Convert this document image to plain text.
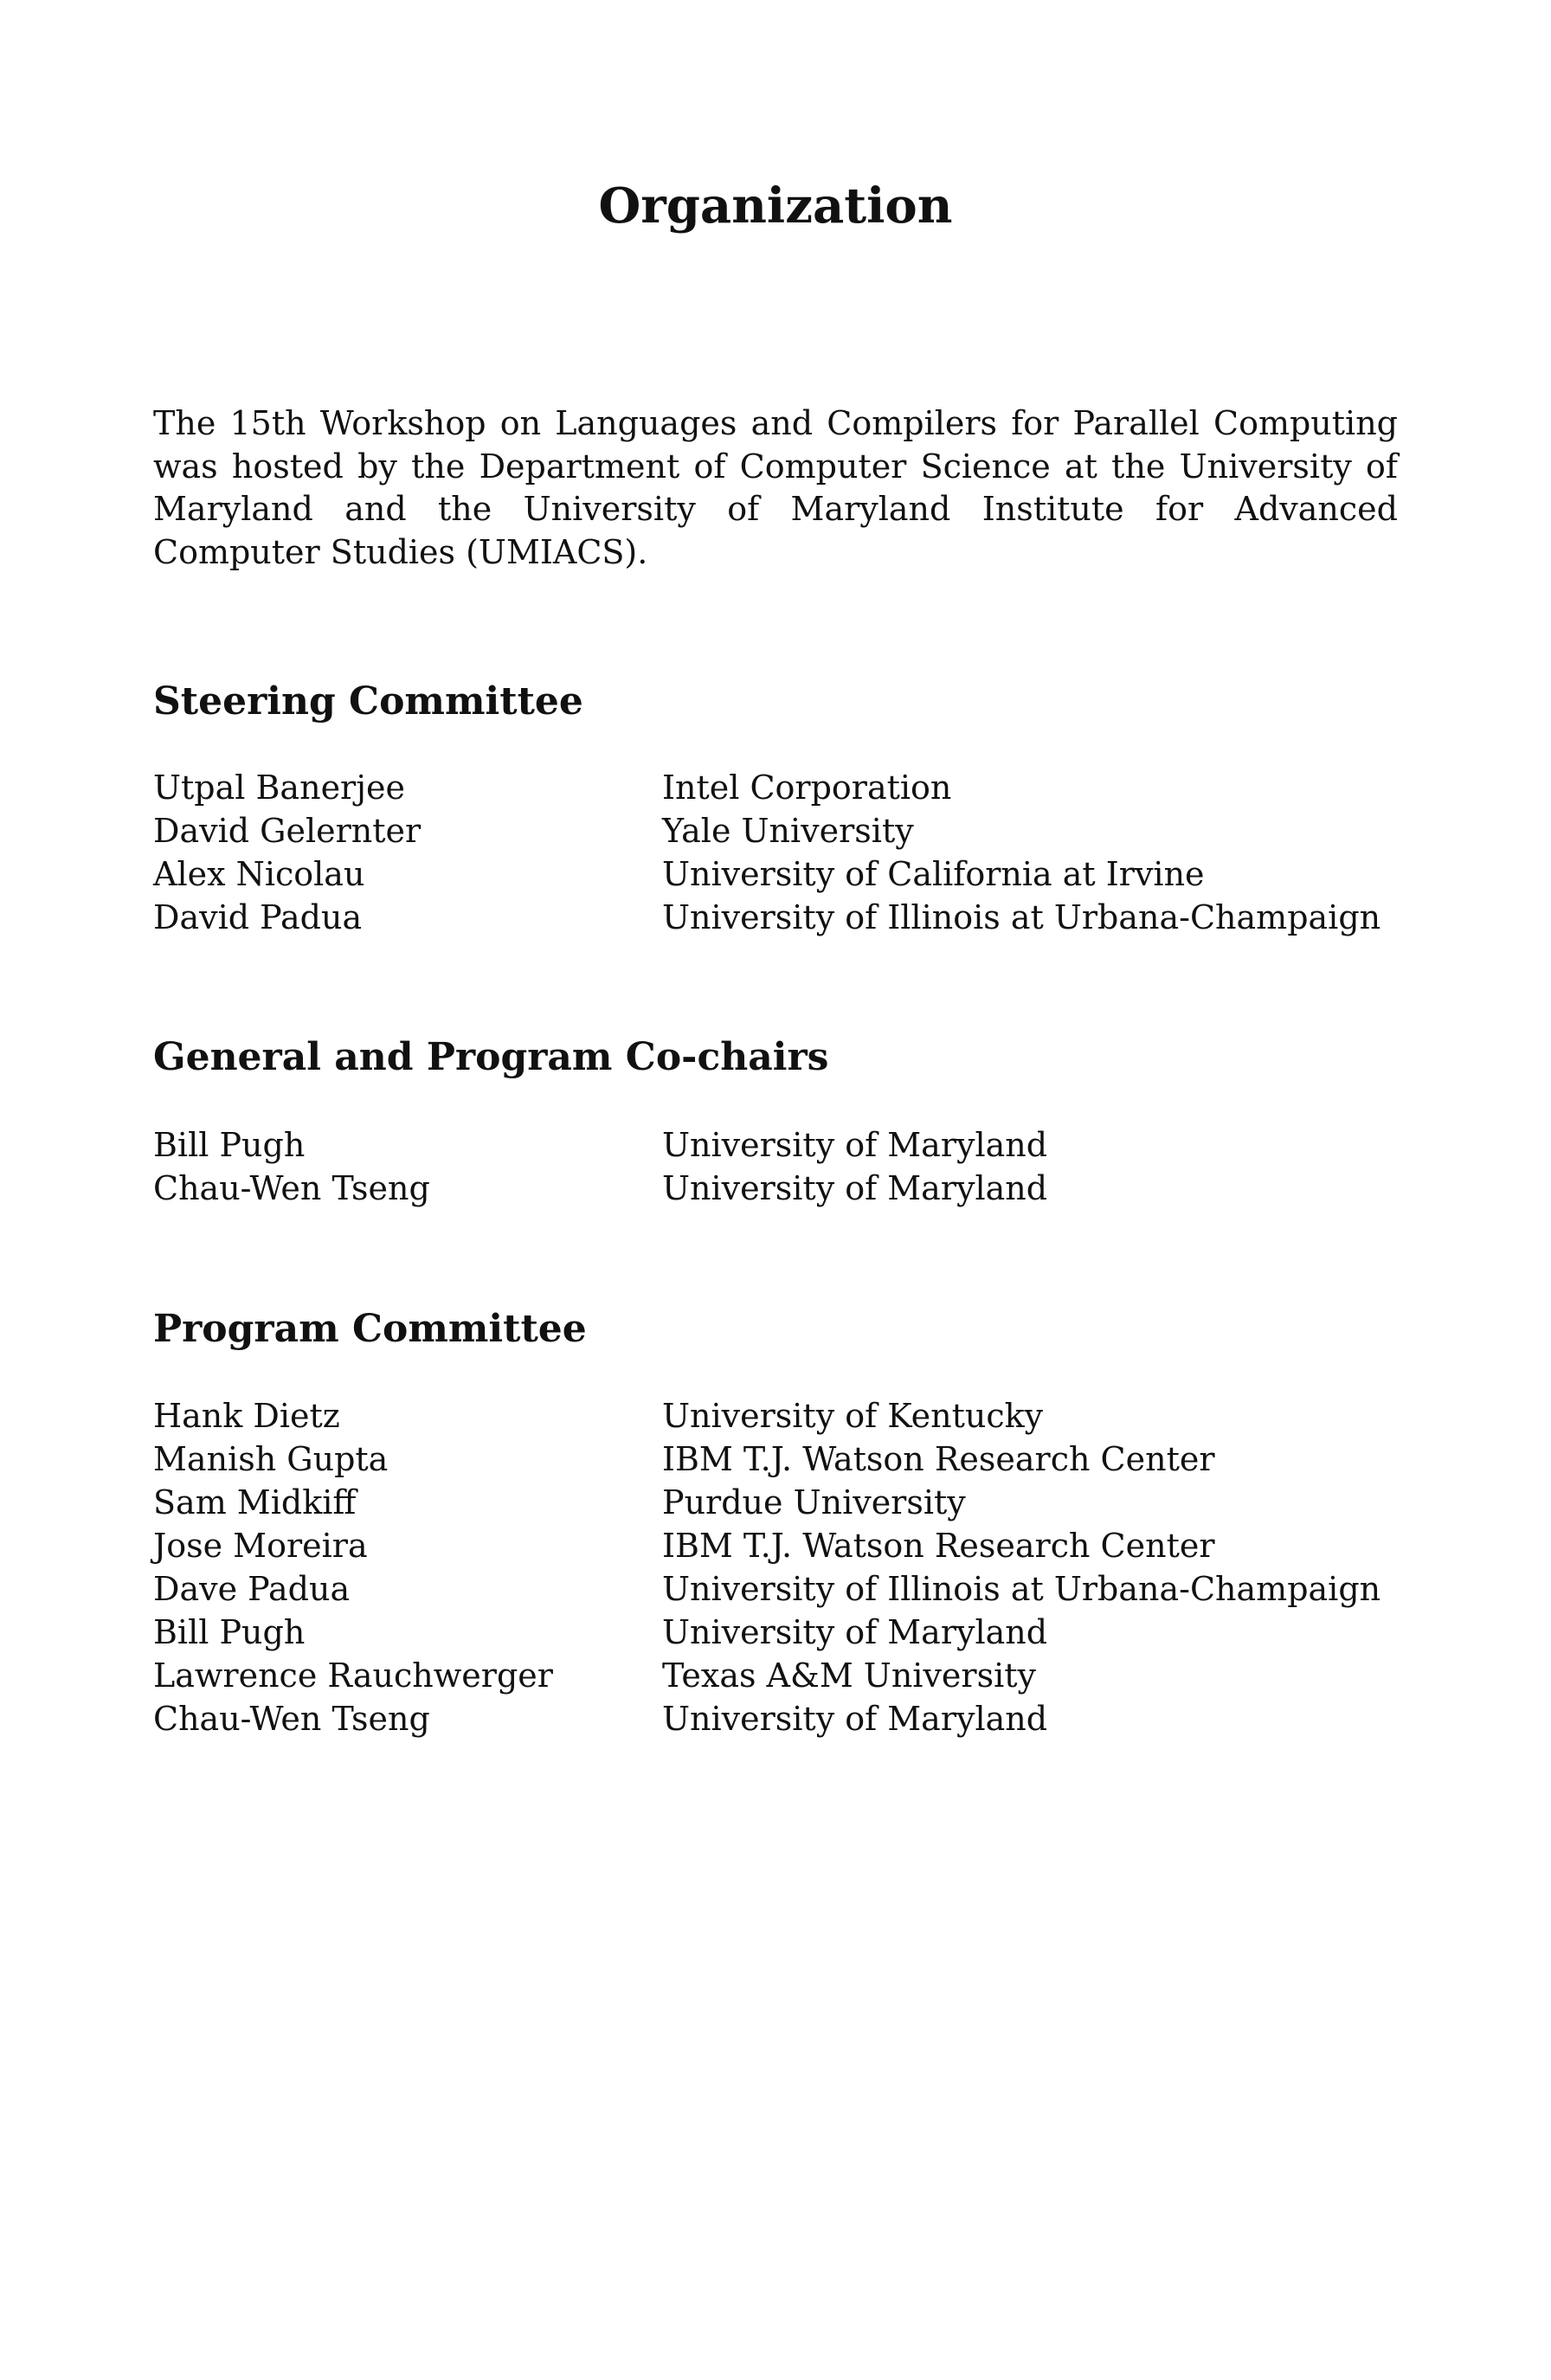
Organization
The 15th Workshop on Languages and Compilers for Parallel Computing was hosted by the Department of Computer Science at the University of Maryland and the University of Maryland Institute for Advanced Computer Studies (UMIACS).
Steering Committee
Utpal Banerjee	Intel Corporation
David Gelernter	Yale University
Alex Nicolau	University of California at Irvine
David Padua	University of Illinois at Urbana-Champaign
General and Program Co-chairs
Bill Pugh	University of Maryland
Chau-Wen Tseng	University of Maryland
Program Committee
Hank Dietz	University of Kentucky
Manish Gupta	IBM T.J. Watson Research Center
Sam Midkiff	Purdue University
Jose Moreira	IBM T.J. Watson Research Center
Dave Padua	University of Illinois at Urbana-Champaign
Bill Pugh	University of Maryland
Lawrence Rauchwerger	Texas A&M University
Chau-Wen Tseng	University of Maryland
